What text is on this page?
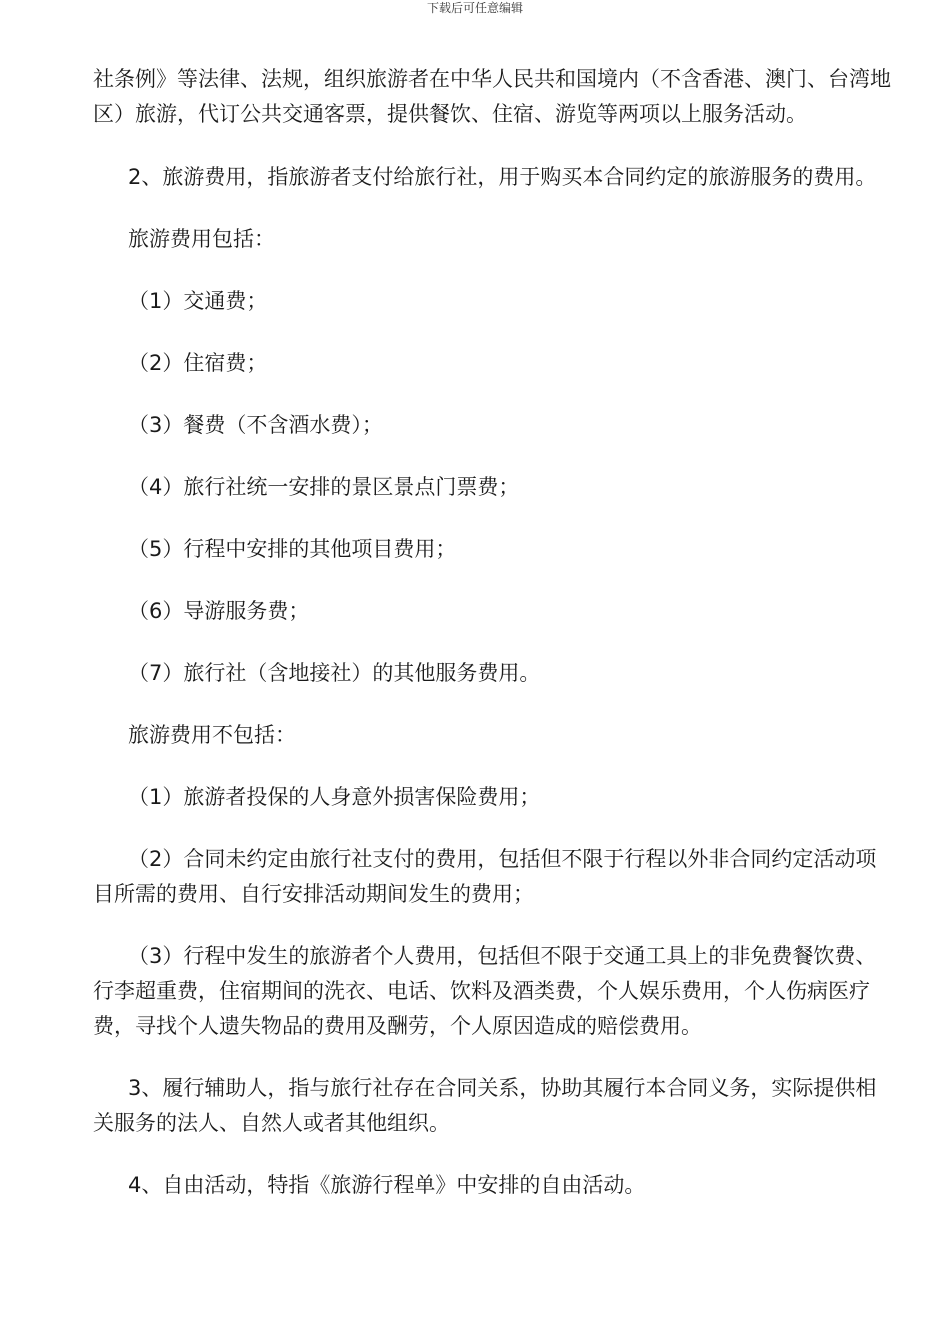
下载后可任意编辑

社条例》等法律、法规，组织旅游者在中华人民共和国境内（不含香港、澳门、台湾地区）旅游，代订公共交通客票，提供餐饮、住宿、游览等两项以上服务活动。

2、旅游费用，指旅游者支付给旅行社，用于购买本合同约定的旅游服务的费用。

旅游费用包括：

（1）交通费；

（2）住宿费；

（3）餐费（不含酒水费）；

（4）旅行社统一安排的景区景点门票费；

（5）行程中安排的其他项目费用；

（6）导游服务费；

（7）旅行社（含地接社）的其他服务费用。

旅游费用不包括：

（1）旅游者投保的人身意外损害保险费用；

（2）合同未约定由旅行社支付的费用，包括但不限于行程以外非合同约定活动项目所需的费用、自行安排活动期间发生的费用；

（3）行程中发生的旅游者个人费用，包括但不限于交通工具上的非免费餐饮费、行李超重费，住宿期间的洗衣、电话、饮料及酒类费，个人娱乐费用，个人伤病医疗费，寻找个人遗失物品的费用及酬劳，个人原因造成的赔偿费用。

3、履行辅助人，指与旅行社存在合同关系，协助其履行本合同义务，实际提供相关服务的法人、自然人或者其他组织。

4、自由活动，特指《旅游行程单》中安排的自由活动。
